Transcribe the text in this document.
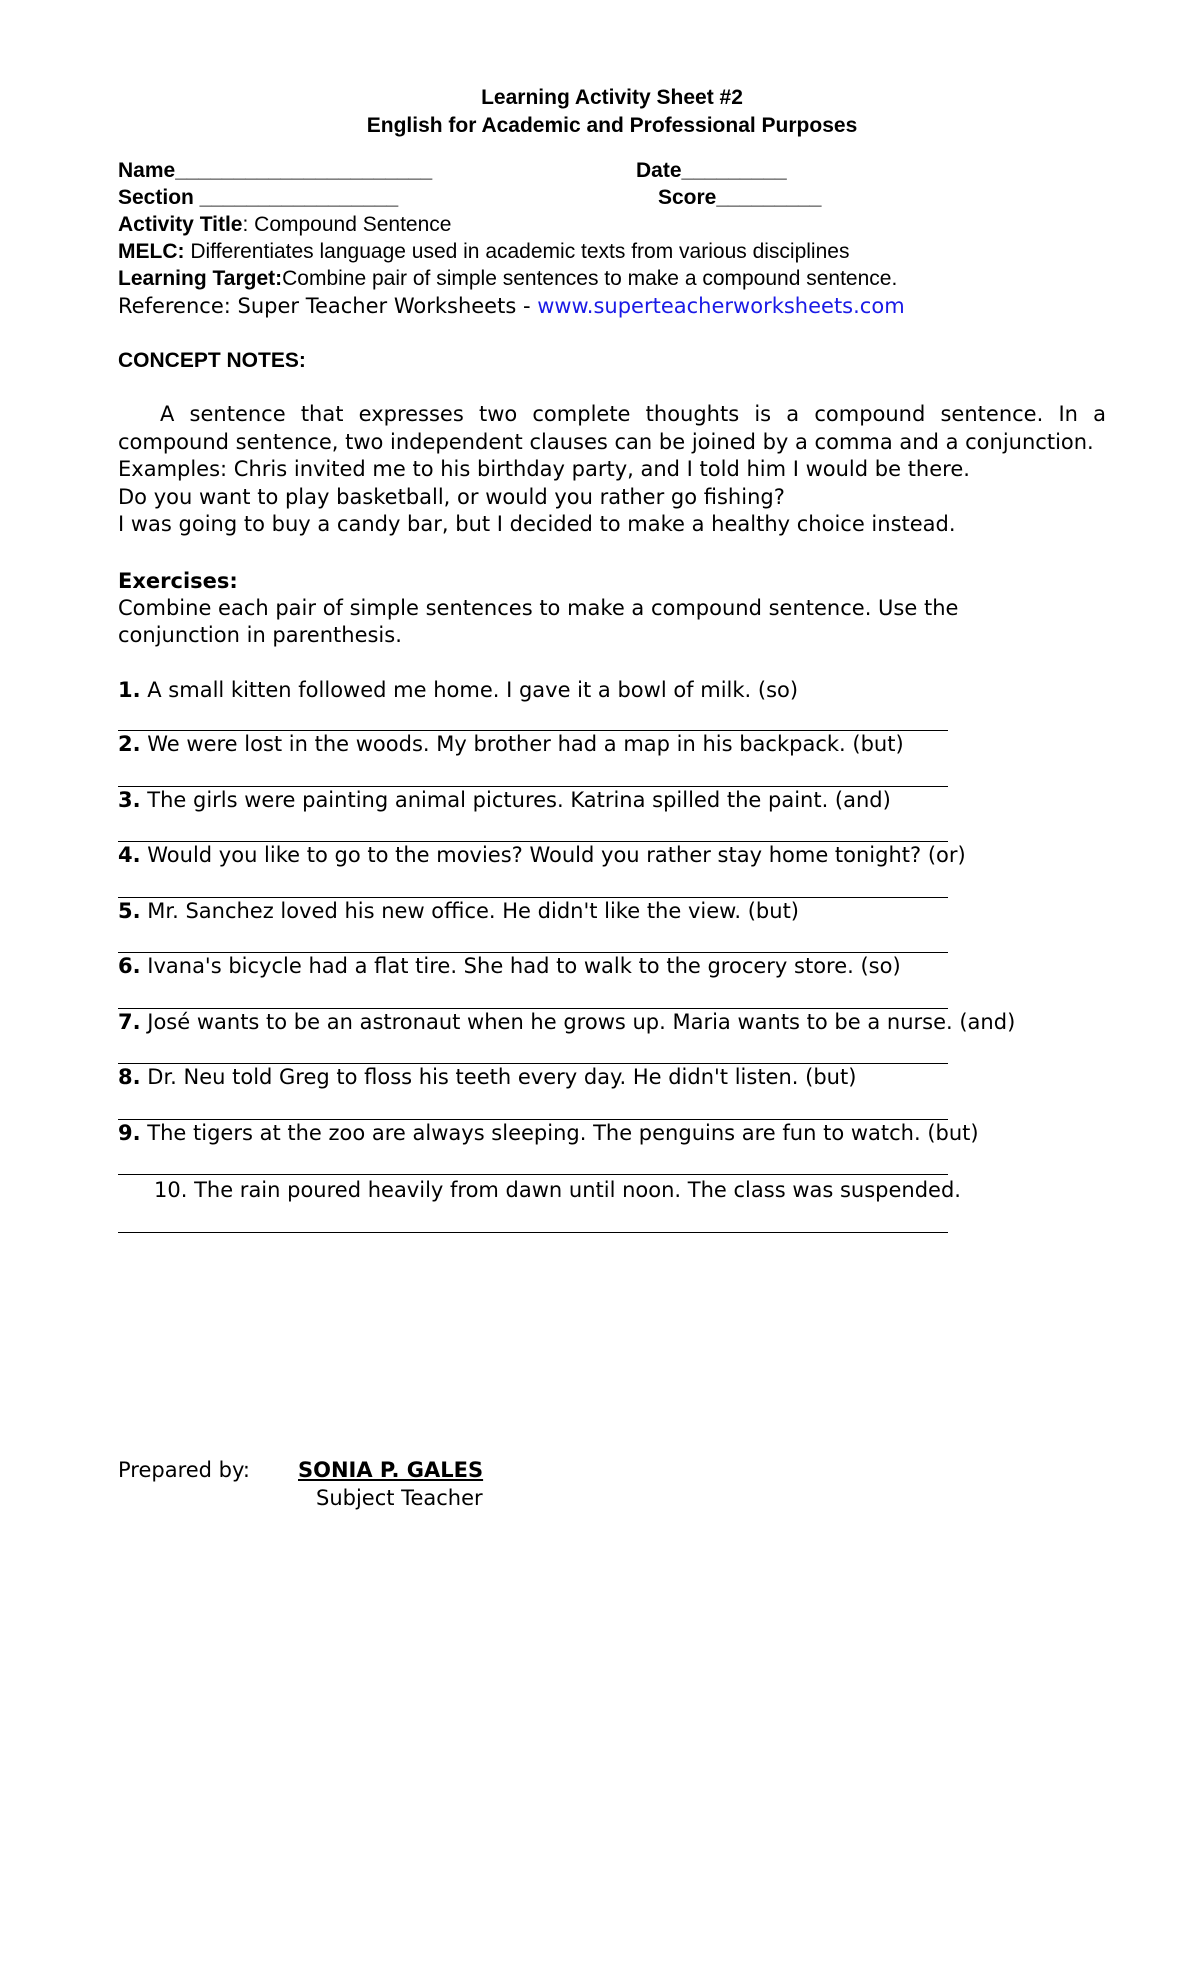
Learning Activity Sheet #2
English for Academic and Professional Purposes
Name______________________	Date_________
Section _________________	Score_________
Activity Title: Compound Sentence
MELC: Differentiates language used in academic texts from various disciplines
Learning Target:Combine pair of simple sentences to make a compound sentence.
Reference: Super Teacher Worksheets - www.superteacherworksheets.com
CONCEPT NOTES:
A sentence that expresses two complete thoughts is a compound sentence. In a compound sentence, two independent clauses can be joined by a comma and a conjunction.
Examples: Chris invited me to his birthday party, and I told him I would be there.
Do you want to play basketball, or would you rather go fishing?
I was going to buy a candy bar, but I decided to make a healthy choice instead.
Exercises:
Combine each pair of simple sentences to make a compound sentence. Use the conjunction in parenthesis.
1. A small kitten followed me home. I gave it a bowl of milk. (so)
2. We were lost in the woods. My brother had a map in his backpack. (but)
3. The girls were painting animal pictures. Katrina spilled the paint. (and)
4. Would you like to go to the movies? Would you rather stay home tonight? (or)
5. Mr. Sanchez loved his new office. He didn't like the view. (but)
6. Ivana's bicycle had a flat tire. She had to walk to the grocery store. (so)
7. José wants to be an astronaut when he grows up. Maria wants to be a nurse. (and)
8. Dr. Neu told Greg to floss his teeth every day. He didn't listen. (but)
9. The tigers at the zoo are always sleeping. The penguins are fun to watch. (but)
10. The rain poured heavily from dawn until noon. The class was suspended.
Prepared by: SONIA P. GALES
Subject Teacher
